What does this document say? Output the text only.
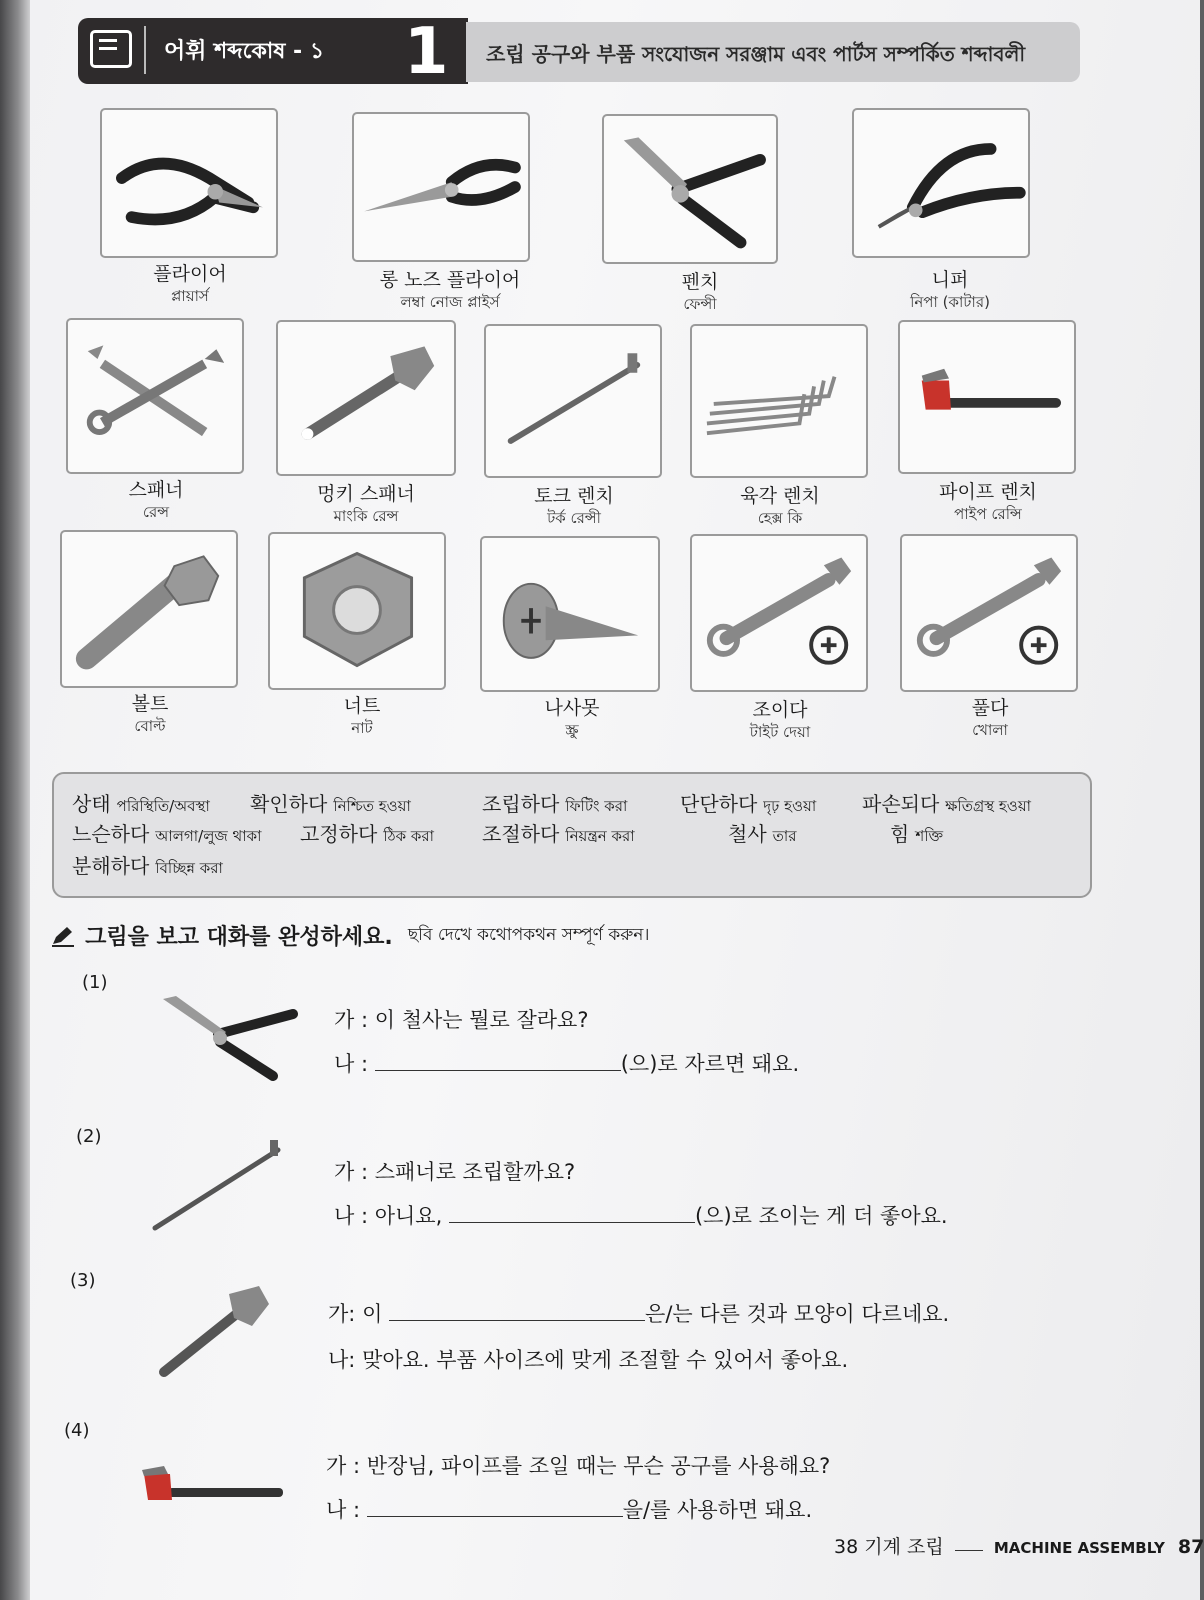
어휘 শব্দকোষ - ১ 1 조립 공구와 부품 সংযোজন সরঞ্জাম এবং পার্টস সম্পর্কিত শব্দাবলী
플라이어
প্লায়ার্স
롱 노즈 플라이어
লম্বা নোজ প্লাইর্স
펜치
ফেন্সী
니퍼
নিপা (কাটার)
스패너
রেন্স
멍키 스패너
মাংকি রেন্স
토크 렌치
টর্ক রেন্সী
육각 렌치
হেক্স কি
파이프 렌치
পাইপ রেন্সি
볼트
বোল্ট
너트
নাট
나사못
স্ক্রু
조이다
টাইট দেয়া
풀다
খোলা
상태 পরিস্থিতি/অবস্থা 확인하다 নিশ্চিত হওয়া	조립하다 ফিটিং করা	단단하다 দৃঢ় হওয়া 파손되다 ক্ষতিগ্রস্থ হওয়া
느슨하다 আলগা/লুজ থাকা 고정하다 ঠিক করা 조절하다 নিয়ন্ত্রন করা	철사 তার	힘 শক্তি
분해하다 বিচ্ছিন্ন করা
그림을 보고 대화를 완성하세요. ছবি দেখে কথোপকথন সম্পূর্ণ করুন।
(1)
가 : 이 철사는 뭘로 잘라요?
나 :	(으)로 자르면 돼요.
(2)
가 : 스패너로 조립할까요?
나 : 아니요,	(으)로 조이는 게 더 좋아요.
(3)
가: 이	은/는 다른 것과 모양이 다르네요.
나: 맞아요. 부품 사이즈에 맞게 조절할 수 있어서 좋아요.
(4)
가 : 반장님, 파이프를 조일 때는 무슨 공구를 사용해요?
나 :	을/를 사용하면 돼요.
38 기계 조립	MACHINE ASSEMBLY 87
